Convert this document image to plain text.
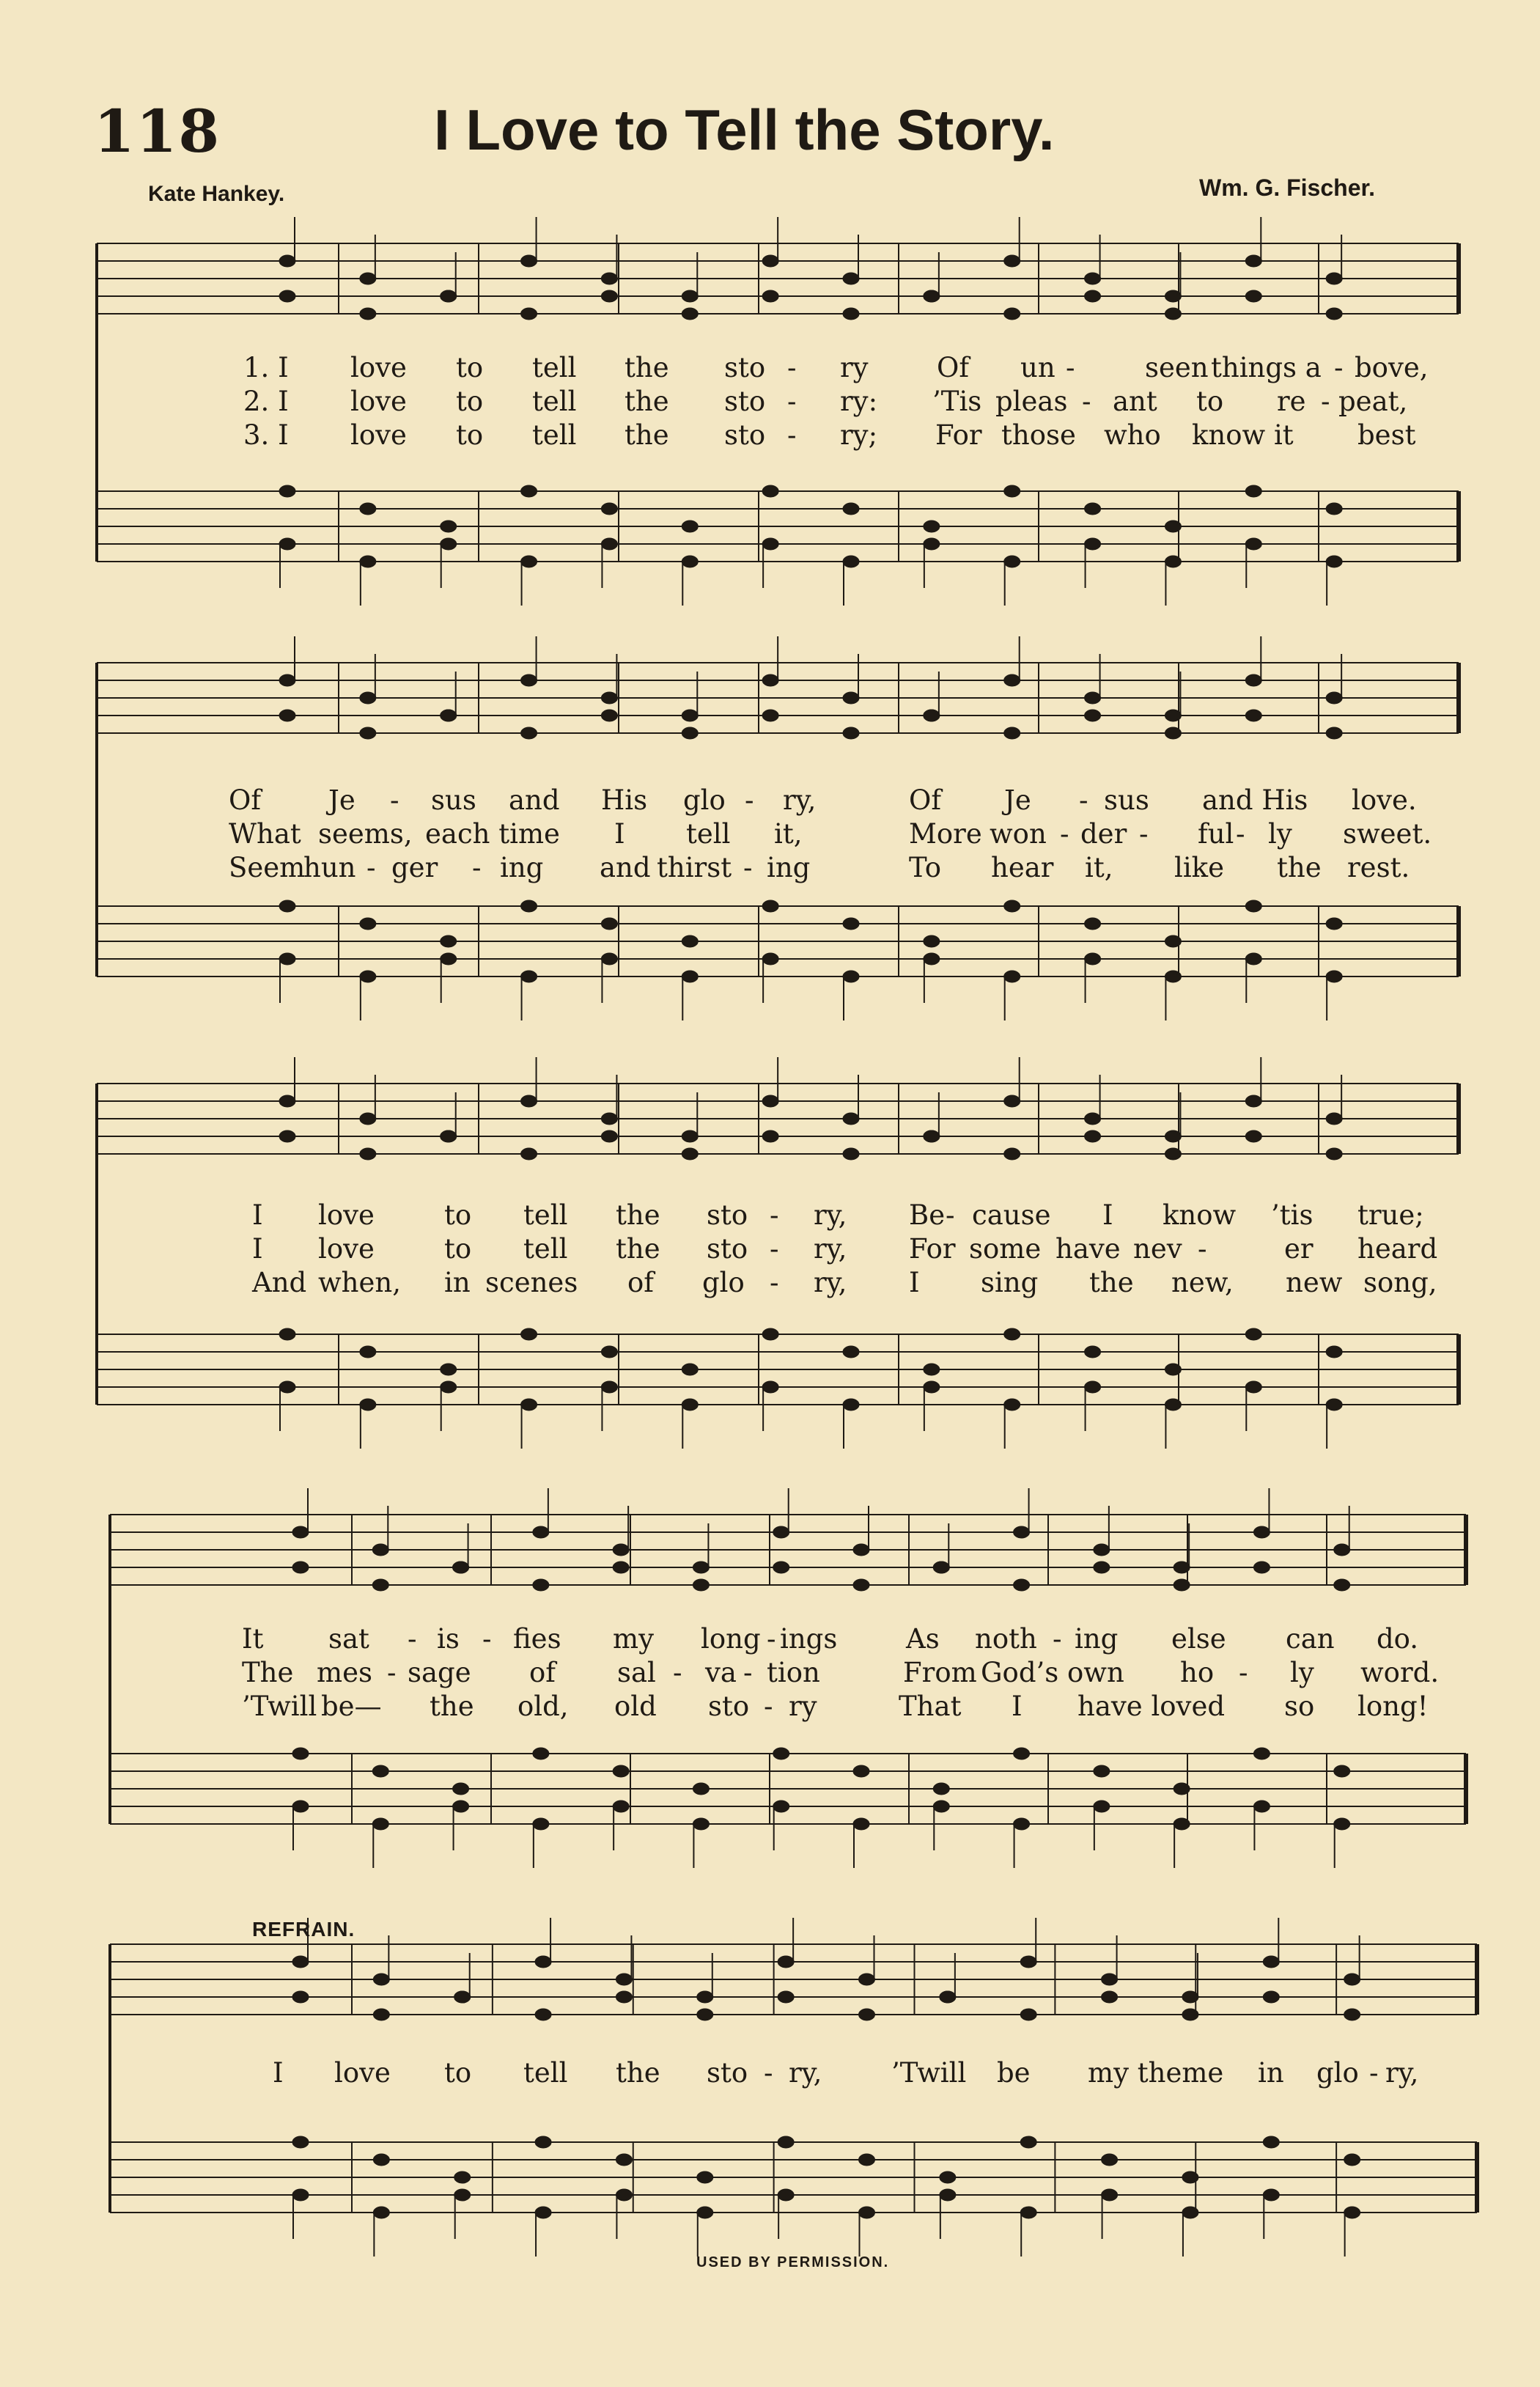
118	I Love to Tell the Story.
Kate Hankey.	Wm. G. Fischer.
1. I love to tell the sto - ry	Of un -	seen things a - bove,
2. I love to tell the sto - ry: ’Tis pleas - ant to re - peat,
3. I love to tell the sto - ry; For those who know it best
Of Je - sus and His glo - ry,	Of Je - sus and His love.
What seems, each time I tell it,	More won - der - ful - ly sweet.
Seem
hun - ger - ing and thirst - ing	To hear it, like the rest.
I love	to tell the sto - ry, Be - cause I know ’tis true;
I love	to tell the sto - ry, For some have nev -	er heard
And when, in scenes of glo - ry, I sing the new, new song,
It sat - is - fies my long - ings	As noth - ing else can do.
The mes - sage of sal - va - tion	From God’s own ho - ly word.
’Twill be— the old, old sto - ry	That I have loved so long!
I love to tell the sto - ry,	’Twill be my theme in glo - ry,
REFRAIN.
USED BY PERMISSION.
